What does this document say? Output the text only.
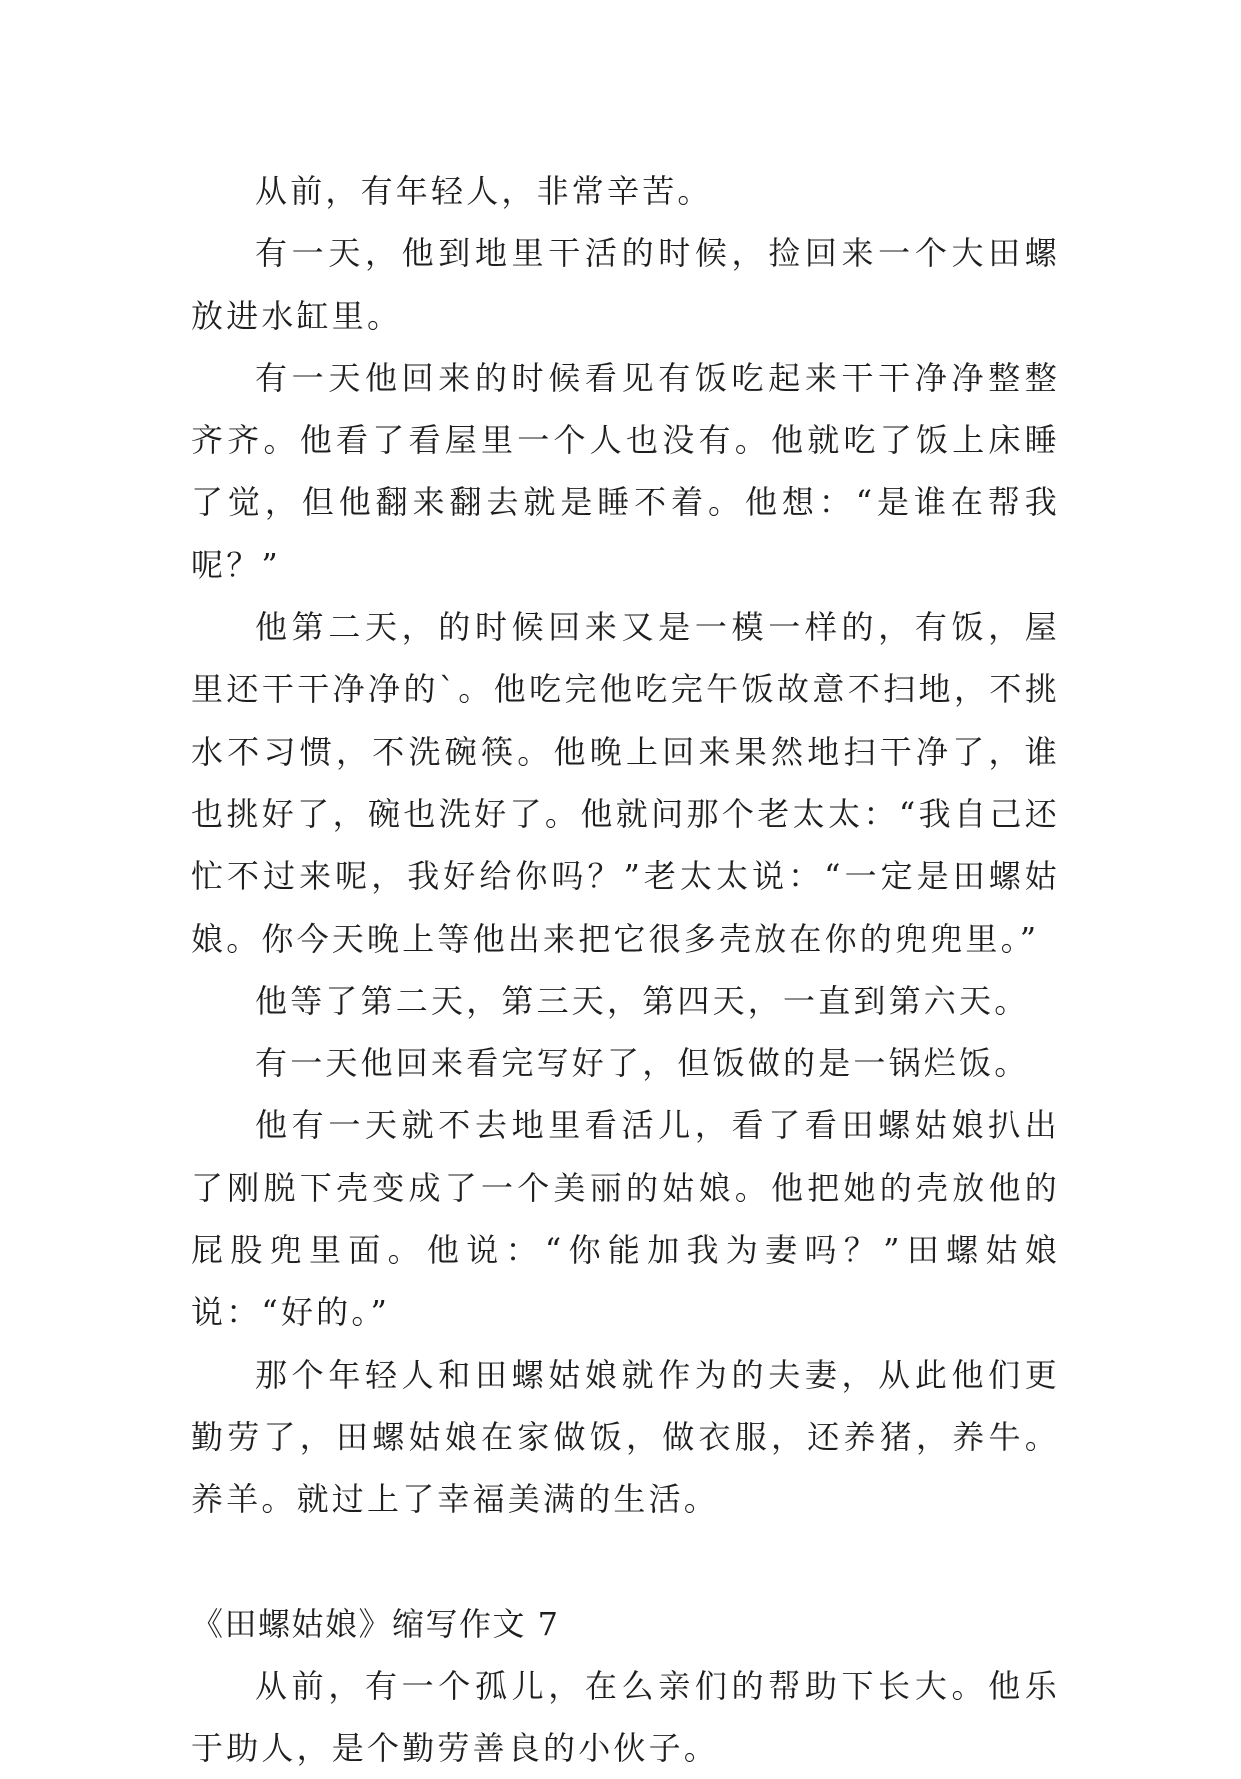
从前，有年轻人，非常辛苦。

有一天，他到地里干活的时候，捡回来一个大田螺放进水缸里。

有一天他回来的时候看见有饭吃起来干干净净整整齐齐。他看了看屋里一个人也没有。他就吃了饭上床睡了觉，但他翻来翻去就是睡不着。他想：“是谁在帮我呢？”

他第二天，的时候回来又是一模一样的，有饭，屋里还干干净净的`。他吃完他吃完午饭故意不扫地，不挑水不习惯，不洗碗筷。他晚上回来果然地扫干净了，谁也挑好了，碗也洗好了。他就问那个老太太：“我自己还忙不过来呢，我好给你吗？”老太太说：“一定是田螺姑娘。你今天晚上等他出来把它很多壳放在你的兜兜里。”

他等了第二天，第三天，第四天，一直到第六天。

有一天他回来看完写好了，但饭做的是一锅烂饭。

他有一天就不去地里看活儿，看了看田螺姑娘扒出了刚脱下壳变成了一个美丽的姑娘。他把她的壳放他的屁股兜里面。他说：“你能加我为妻吗？”田螺姑娘说：“好的。”

那个年轻人和田螺姑娘就作为的夫妻，从此他们更勤劳了，田螺姑娘在家做饭，做衣服，还养猪，养牛。养羊。就过上了幸福美满的生活。

《田螺姑娘》缩写作文 7

从前，有一个孤儿，在么亲们的帮助下长大。他乐于助人，是个勤劳善良的小伙子。
